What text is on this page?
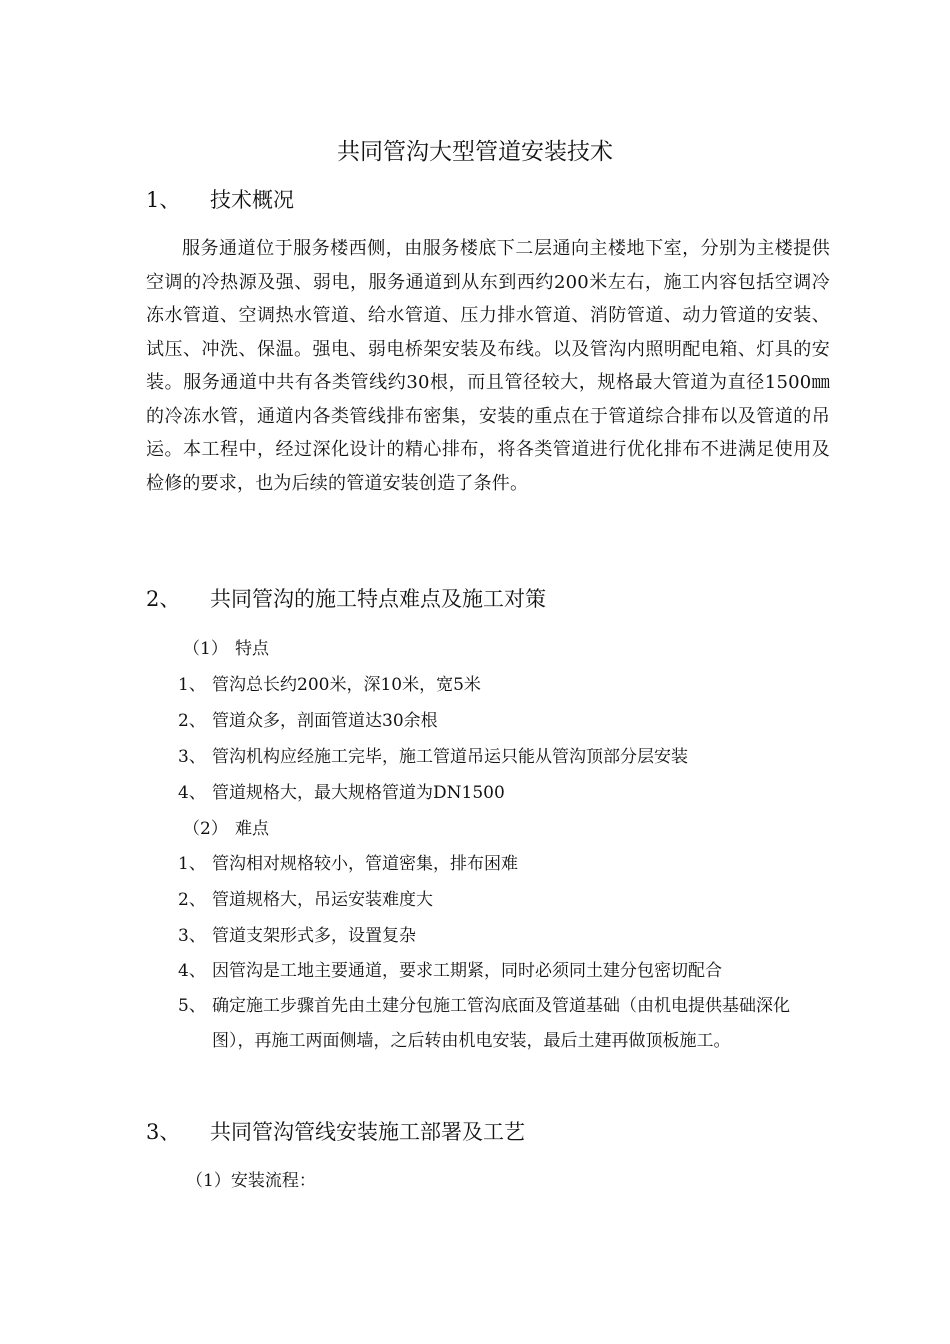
共同管沟大型管道安装技术
1、 技术概况
服务通道位于服务楼西侧，由服务楼底下二层通向主楼地下室，分别为主楼提供空调的冷热源及强、弱电，服务通道到从东到西约200米左右，施工内容包括空调冷冻水管道、空调热水管道、给水管道、压力排水管道、消防管道、动力管道的安装、试压、冲洗、保温。强电、弱电桥架安装及布线。以及管沟内照明配电箱、灯具的安装。服务通道中共有各类管线约30根，而且管径较大，规格最大管道为直径1500㎜的冷冻水管，通道内各类管线排布密集，安装的重点在于管道综合排布以及管道的吊运。本工程中，经过深化设计的精心排布，将各类管道进行优化排布不进满足使用及检修的要求，也为后续的管道安装创造了条件。
2、 共同管沟的施工特点难点及施工对策
（1） 特点
1、 管沟总长约200米，深10米，宽5米
2、 管道众多，剖面管道达30余根
3、 管沟机构应经施工完毕，施工管道吊运只能从管沟顶部分层安装
4、 管道规格大，最大规格管道为DN1500
（2） 难点
1、 管沟相对规格较小，管道密集，排布困难
2、 管道规格大，吊运安装难度大
3、 管道支架形式多，设置复杂
4、 因管沟是工地主要通道，要求工期紧，同时必须同土建分包密切配合
5、 确定施工步骤首先由土建分包施工管沟底面及管道基础（由机电提供基础深化图），再施工两面侧墙，之后转由机电安装，最后土建再做顶板施工。
3、 共同管沟管线安装施工部署及工艺
（1）安装流程：
